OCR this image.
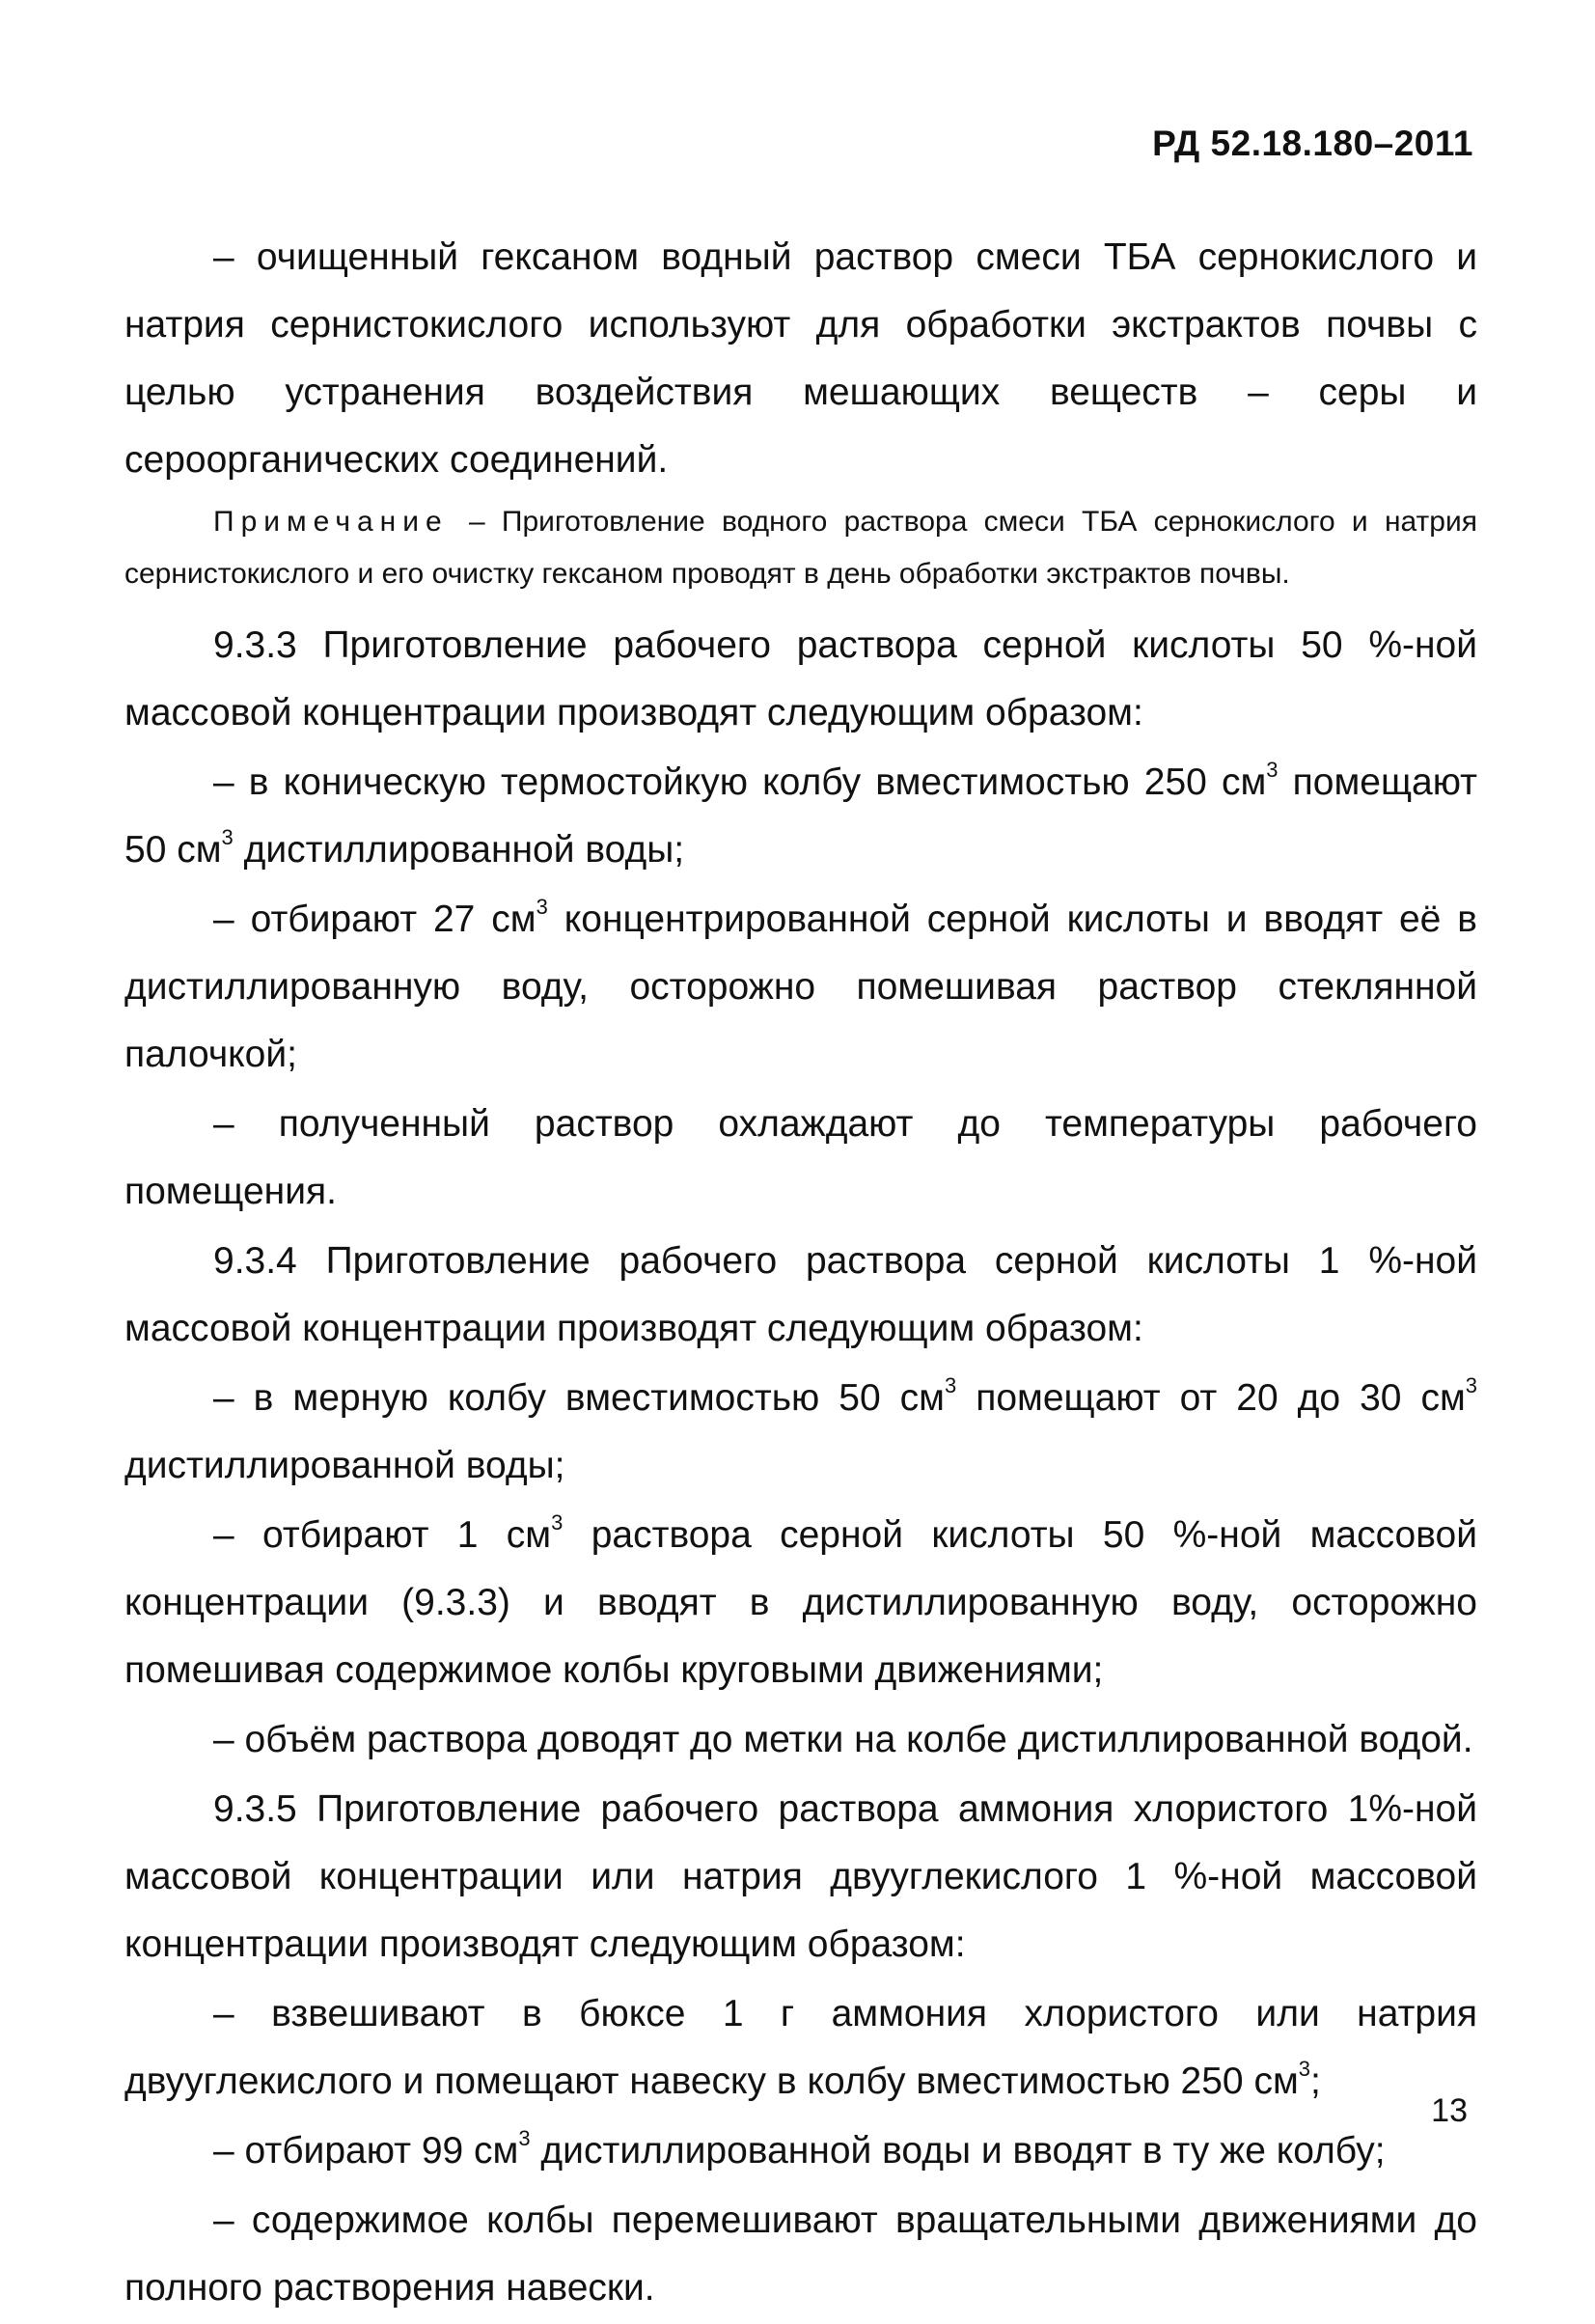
РД 52.18.180–2011

– очищенный гексаном водный раствор смеси ТБА сернокислого и натрия сернистокислого используют для обработки экстрактов почвы с целью устранения воздействия мешающих веществ – серы и сероорганических соединений.

Примечание – Приготовление водного раствора смеси ТБА сернокислого и натрия сернистокислого и его очистку гексаном проводят в день обработки экстрактов почвы.

9.3.3 Приготовление рабочего раствора серной кислоты 50 %-ной массовой концентрации производят следующим образом:

– в коническую термостойкую колбу вместимостью 250 $см^3$ помещают 50 $см^3$ дистиллированной воды;

– отбирают 27 $см^3$ концентрированной серной кислоты и вводят её в дистиллированную воду, осторожно помешивая раствор стеклянной палочкой;

– полученный раствор охлаждают до температуры рабочего помещения.

9.3.4 Приготовление рабочего раствора серной кислоты 1 %-ной массовой концентрации производят следующим образом:

– в мерную колбу вместимостью 50 $см^3$ помещают от 20 до 30 $см^3$ дистиллированной воды;

– отбирают 1 $см^3$ раствора серной кислоты 50 %-ной массовой концентрации (9.3.3) и вводят в дистиллированную воду, осторожно помешивая содержимое колбы круговыми движениями;

– объём раствора доводят до метки на колбе дистиллированной водой.

9.3.5 Приготовление рабочего раствора аммония хлористого 1%-ной массовой концентрации или натрия двууглекислого 1 %-ной массовой концентрации производят следующим образом:

– взвешивают в бюксе 1 г аммония хлористого или натрия двууглекислого и помещают навеску в колбу вместимостью 250 $см^3$;

– отбирают 99 $см^3$ дистиллированной воды и вводят в ту же колбу;

– содержимое колбы перемешивают вращательными движениями до полного растворения навески.

13
